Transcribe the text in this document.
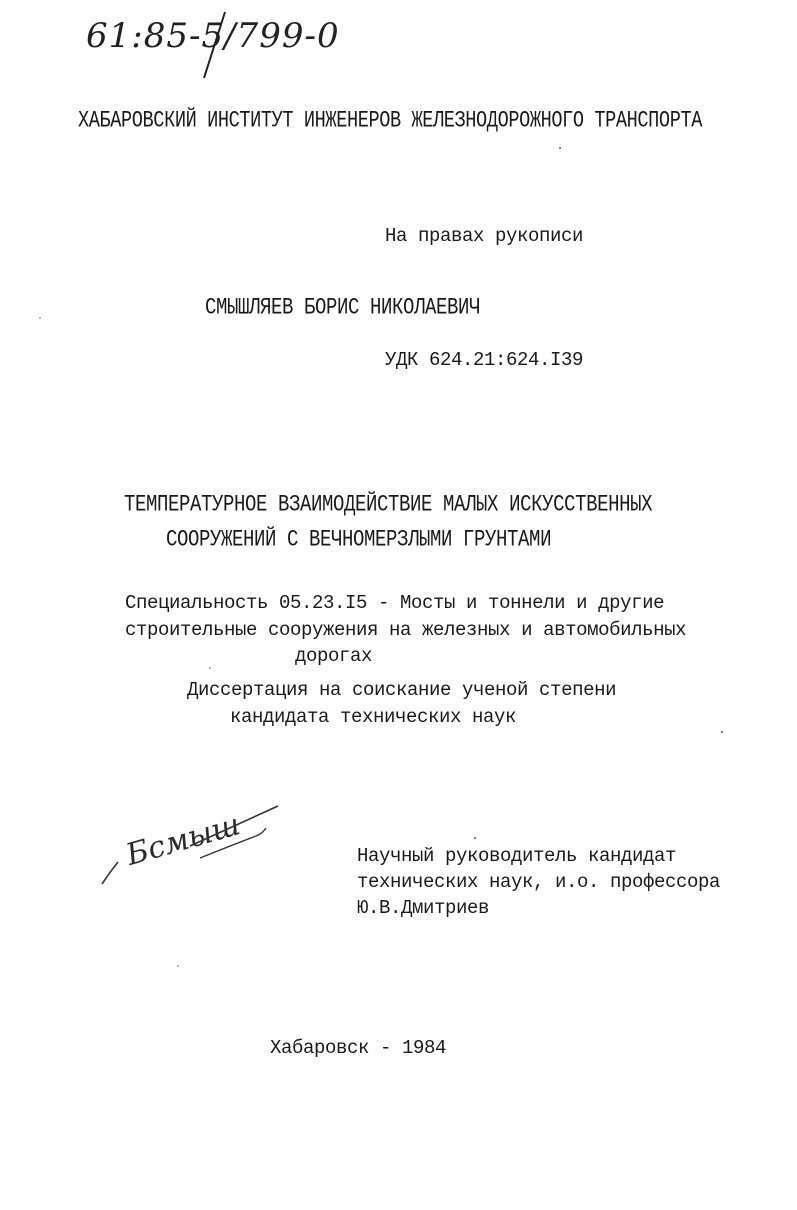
61:85-5/799-0
ХАБАРОВСКИЙ ИНСТИТУТ ИНЖЕНЕРОВ ЖЕЛЕЗНОДОРОЖНОГО ТРАНСПОРТА
На правах рукописи
СМЫШЛЯЕВ БОРИС НИКОЛАЕВИЧ
УДК 624.21:624.I39
ТЕМПЕРАТУРНОЕ ВЗАИМОДЕЙСТВИЕ МАЛЫХ ИСКУССТВЕННЫХ
СООРУЖЕНИЙ С ВЕЧНОМЕРЗЛЫМИ ГРУНТАМИ
Специальность 05.23.I5 - Мосты и тоннели и другие
строительные сооружения на железных и автомобильных
дорогах
Диссертация на соискание ученой степени
кандидата технических наук
Бсмыш	Научный руководитель кандидат
технических наук, и.о. профессора
Ю.В.Дмитриев
Хабаровск - 1984
